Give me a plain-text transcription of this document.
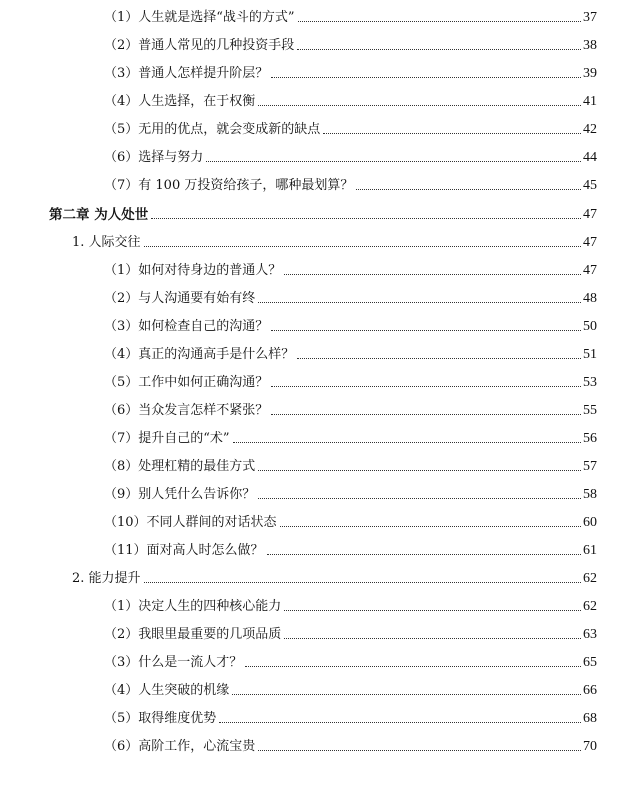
（1）人生就是选择“战斗的方式”	37
（2）普通人常见的几种投资手段	38
（3）普通人怎样提升阶层？	39
（4）人生选择，在于权衡	41
（5）无用的优点，就会变成新的缺点	42
（6）选择与努力	44
（7）有 100 万投资给孩子，哪种最划算？	45
第二章 为人处世	47
1. 人际交往	47
（1）如何对待身边的普通人？	47
（2）与人沟通要有始有终	48
（3）如何检查自己的沟通？	50
（4）真正的沟通高手是什么样？	51
（5）工作中如何正确沟通？	53
（6）当众发言怎样不紧张？	55
（7）提升自己的“术”	56
（8）处理杠精的最佳方式	57
（9）别人凭什么告诉你？	58
（10）不同人群间的对话状态	60
（11）面对高人时怎么做？	61
2. 能力提升	62
（1）决定人生的四种核心能力	62
（2）我眼里最重要的几项品质	63
（3）什么是一流人才？	65
（4）人生突破的机缘	66
（5）取得维度优势	68
（6）高阶工作，心流宝贵	70
